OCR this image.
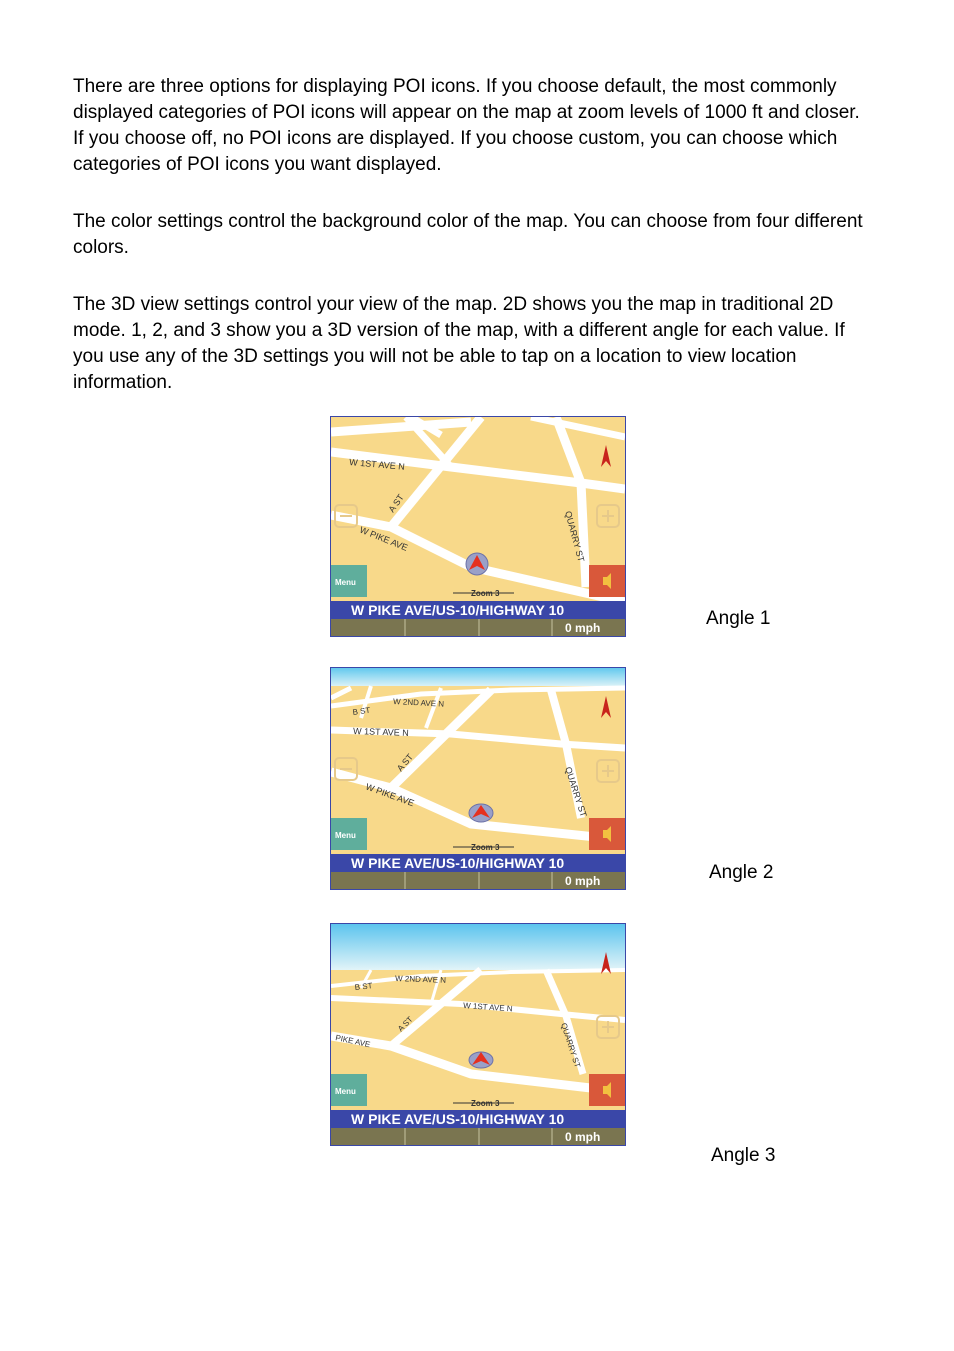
There are three options for displaying POI icons. If you choose default, the most commonly displayed categories of POI icons will appear on the map at zoom levels of 1000 ft and closer. If you choose off, no POI icons are displayed. If you choose custom, you can choose which categories of POI icons you want displayed.

The color settings control the background color of the map. You can choose from four different colors.

The 3D view settings control your view of the map. 2D shows you the map in traditional 2D mode. 1, 2, and 3 show you a 3D version of the map, with a different angle for each value. If you use any of the 3D settings you will not be able to tap on a location to view location information.

W 1ST AVE N
A ST
W PIKE AVE	QUARRY ST
Menu
Zoom 3
W PIKE AVE/US-10/HIGHWAY 10
0 mph	Angle 1
B ST
W 2ND AVE N
W 1ST AVE N
A ST
W PIKE AVE	QUARRY ST
Menu
Zoom 3
W PIKE AVE/US-10/HIGHWAY 10
0 mph	Angle 2
B ST
W 2ND AVE N
W 1ST AVE N
A ST
PIKE AVE	QUARRY ST
Menu
Zoom 3
W PIKE AVE/US-10/HIGHWAY 10
0 mph
Angle 3
